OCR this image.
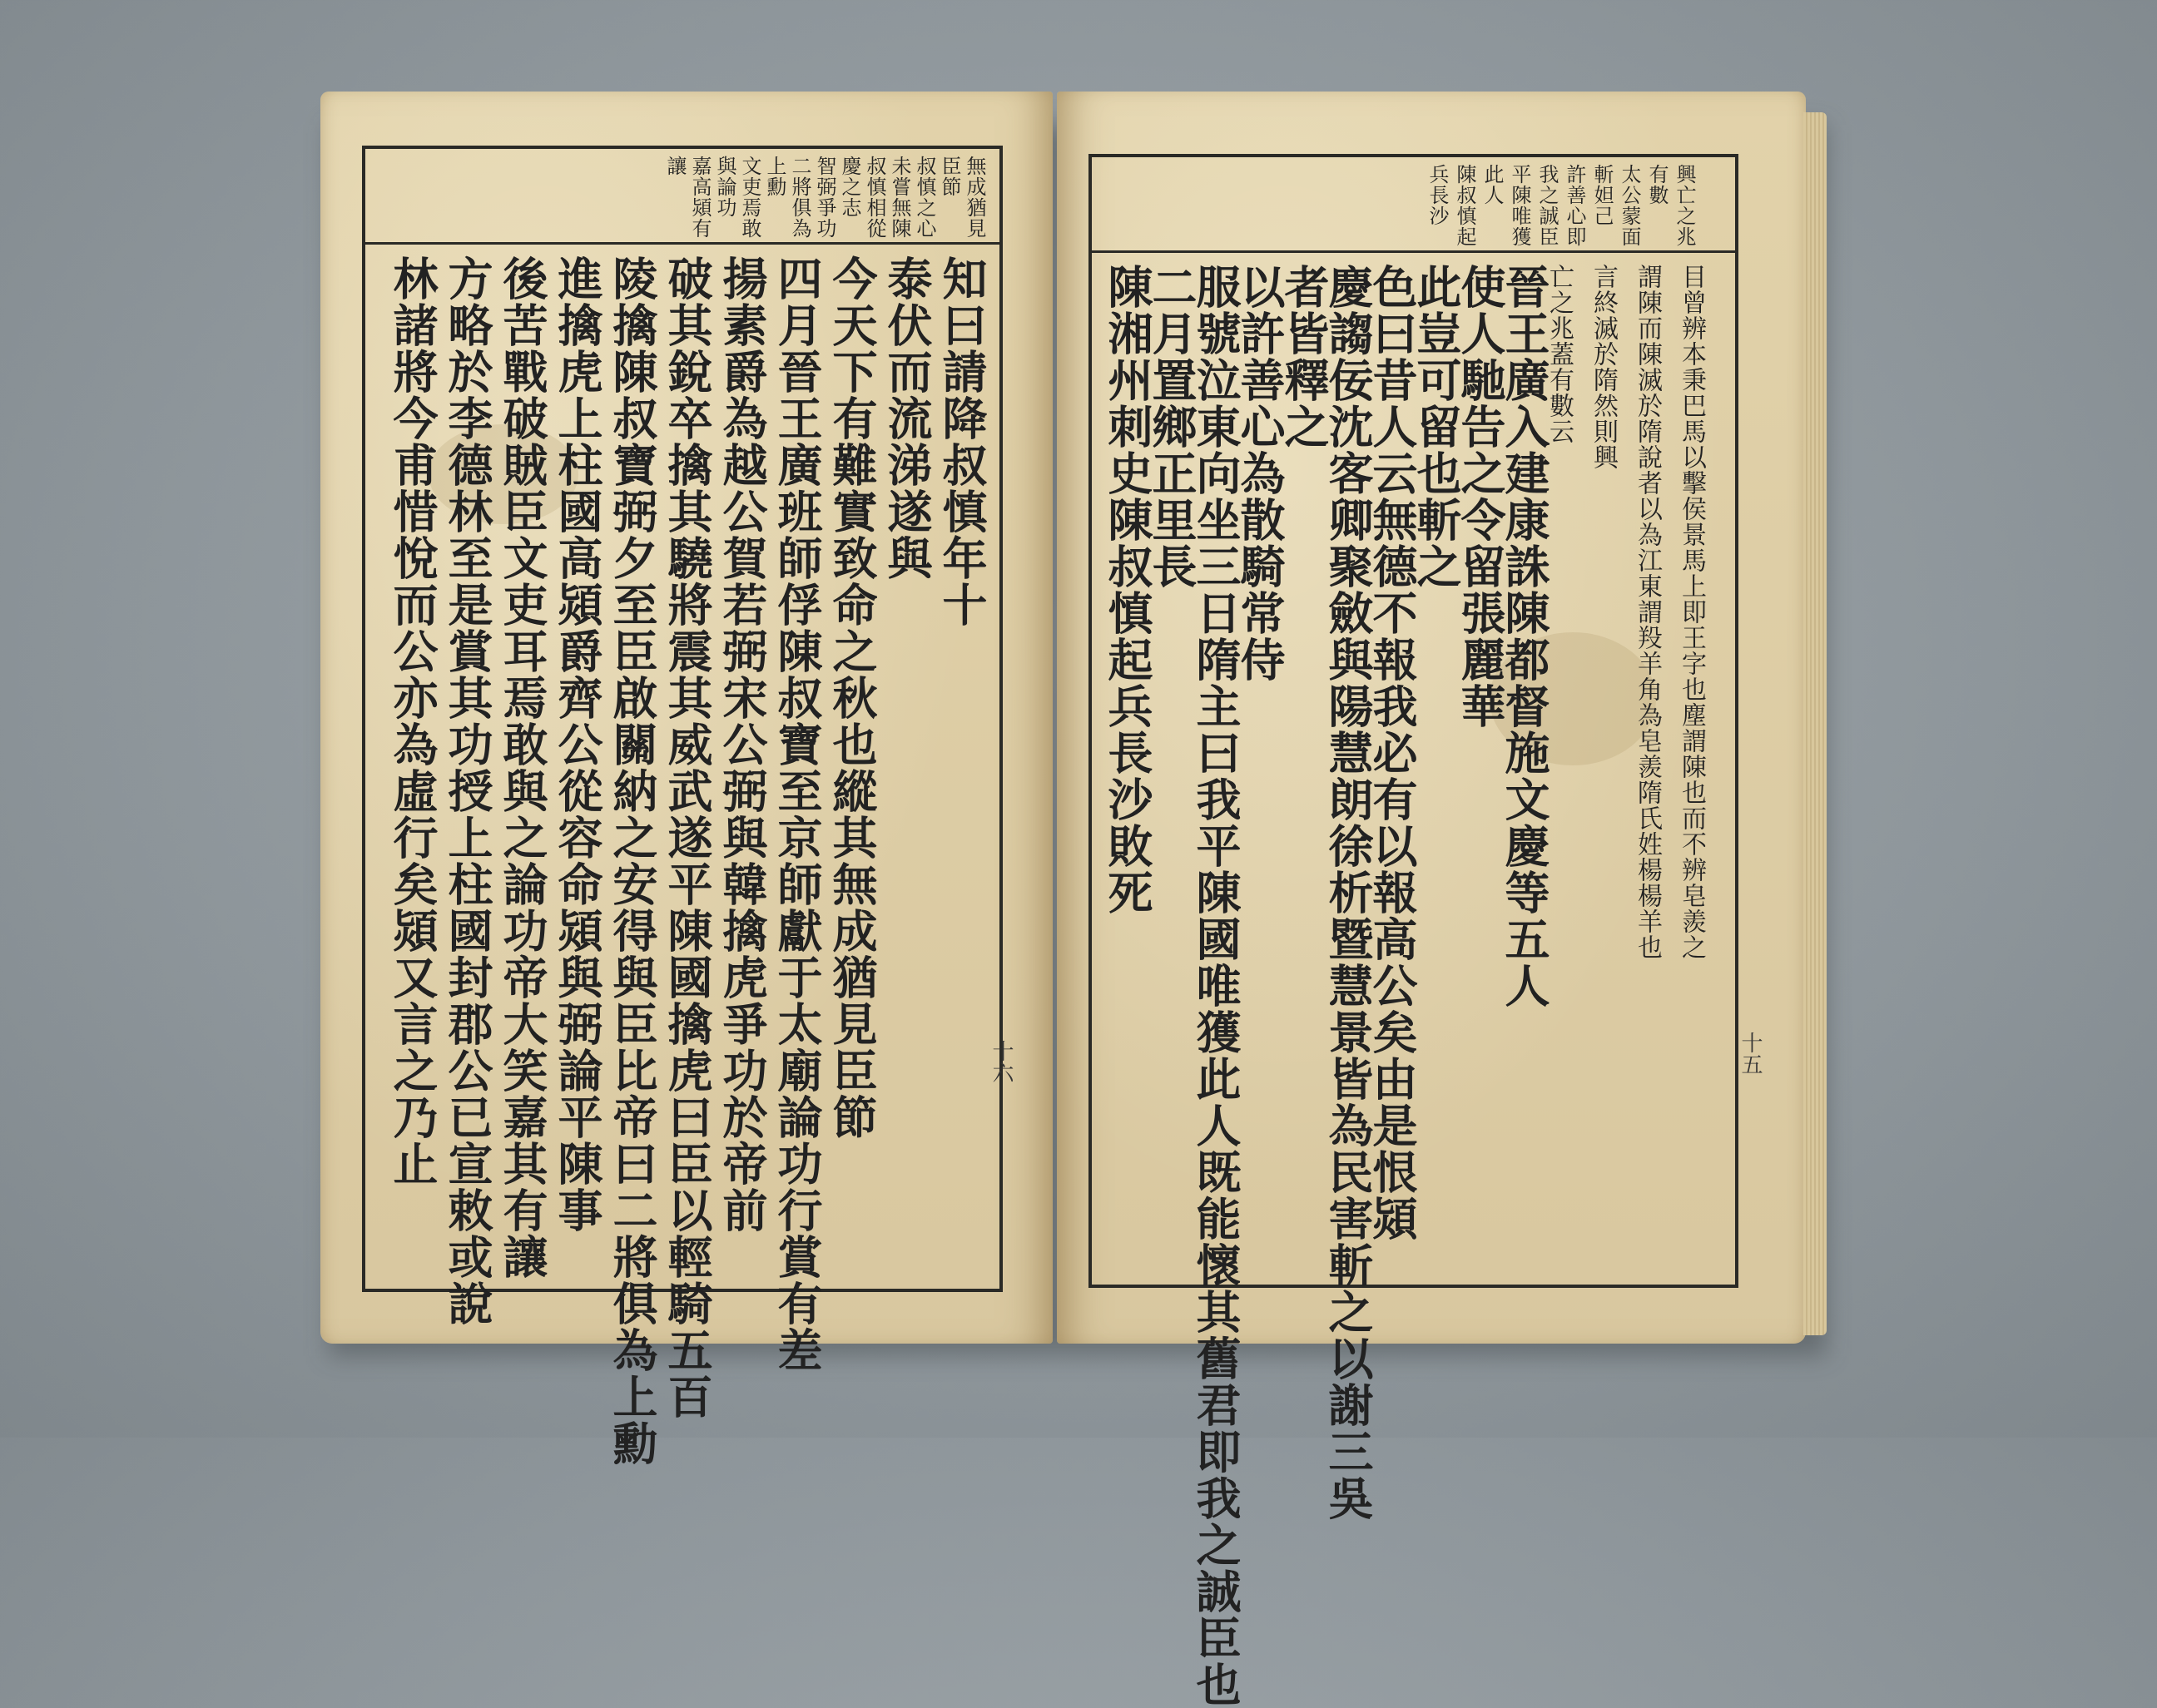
無成猶見
臣節
叔慎之心
未嘗無陳
叔慎相從
慶之志
智弼爭功
二將俱為
上勳
文吏焉敢
與論功
嘉高熲有
讓
知曰請降叔慎年十
泰伏而流涕遂與
今天下有難實致命之秋也縱其無成猶見臣節
四月晉王廣班師俘陳叔寶至京師獻于太廟論功行賞有差
揚素爵為越公賀若弼宋公弼與韓擒虎爭功於帝前
破其銳卒擒其驍將震其威武遂平陳國擒虎曰臣以輕騎五百
陵擒陳叔寶弼夕至臣啟關納之安得與臣比帝曰二將俱為上勳
進擒虎上柱國高熲爵齊公從容命熲與弼論平陳事
後苦戰破賊臣文吏耳焉敢與之論功帝大笑嘉其有讓
方略於李德林至是賞其功授上柱國封郡公已宣敕或說
林諸將今甫惜悅而公亦為虛行矣熲又言之乃止	十六
興亡之兆
有數
太公蒙面
斬妲己
許善心即
我之誠臣
平陳唯獲
此人
陳叔慎起
兵長沙
目曾辨本秉巴馬以擊侯景馬上即王字也塵謂陳也而不辨皂羨之
謂陳而陳滅於隋說者以為江東謂羖羊角為皂羨隋氏姓楊楊羊也
言終滅於隋然則興
亡之兆蓋有數云
晉王廣入建康誅陳都督施文慶等五人
使人馳告之令留張麗華
此豈可留也斬之
色曰昔人云無德不報我必有以報高公矣由是恨熲
慶謅佞沈客卿聚斂與陽慧朗徐析暨慧景皆為民害斬之以謝三吳
者皆釋之
以許善心為散騎常侍
服號泣東向坐三日隋主曰我平陳國唯獲此人既能懷其舊君即我之誠臣也
二月置鄉正里長
陳湘州刺史陳叔慎起兵長沙敗死
十五
